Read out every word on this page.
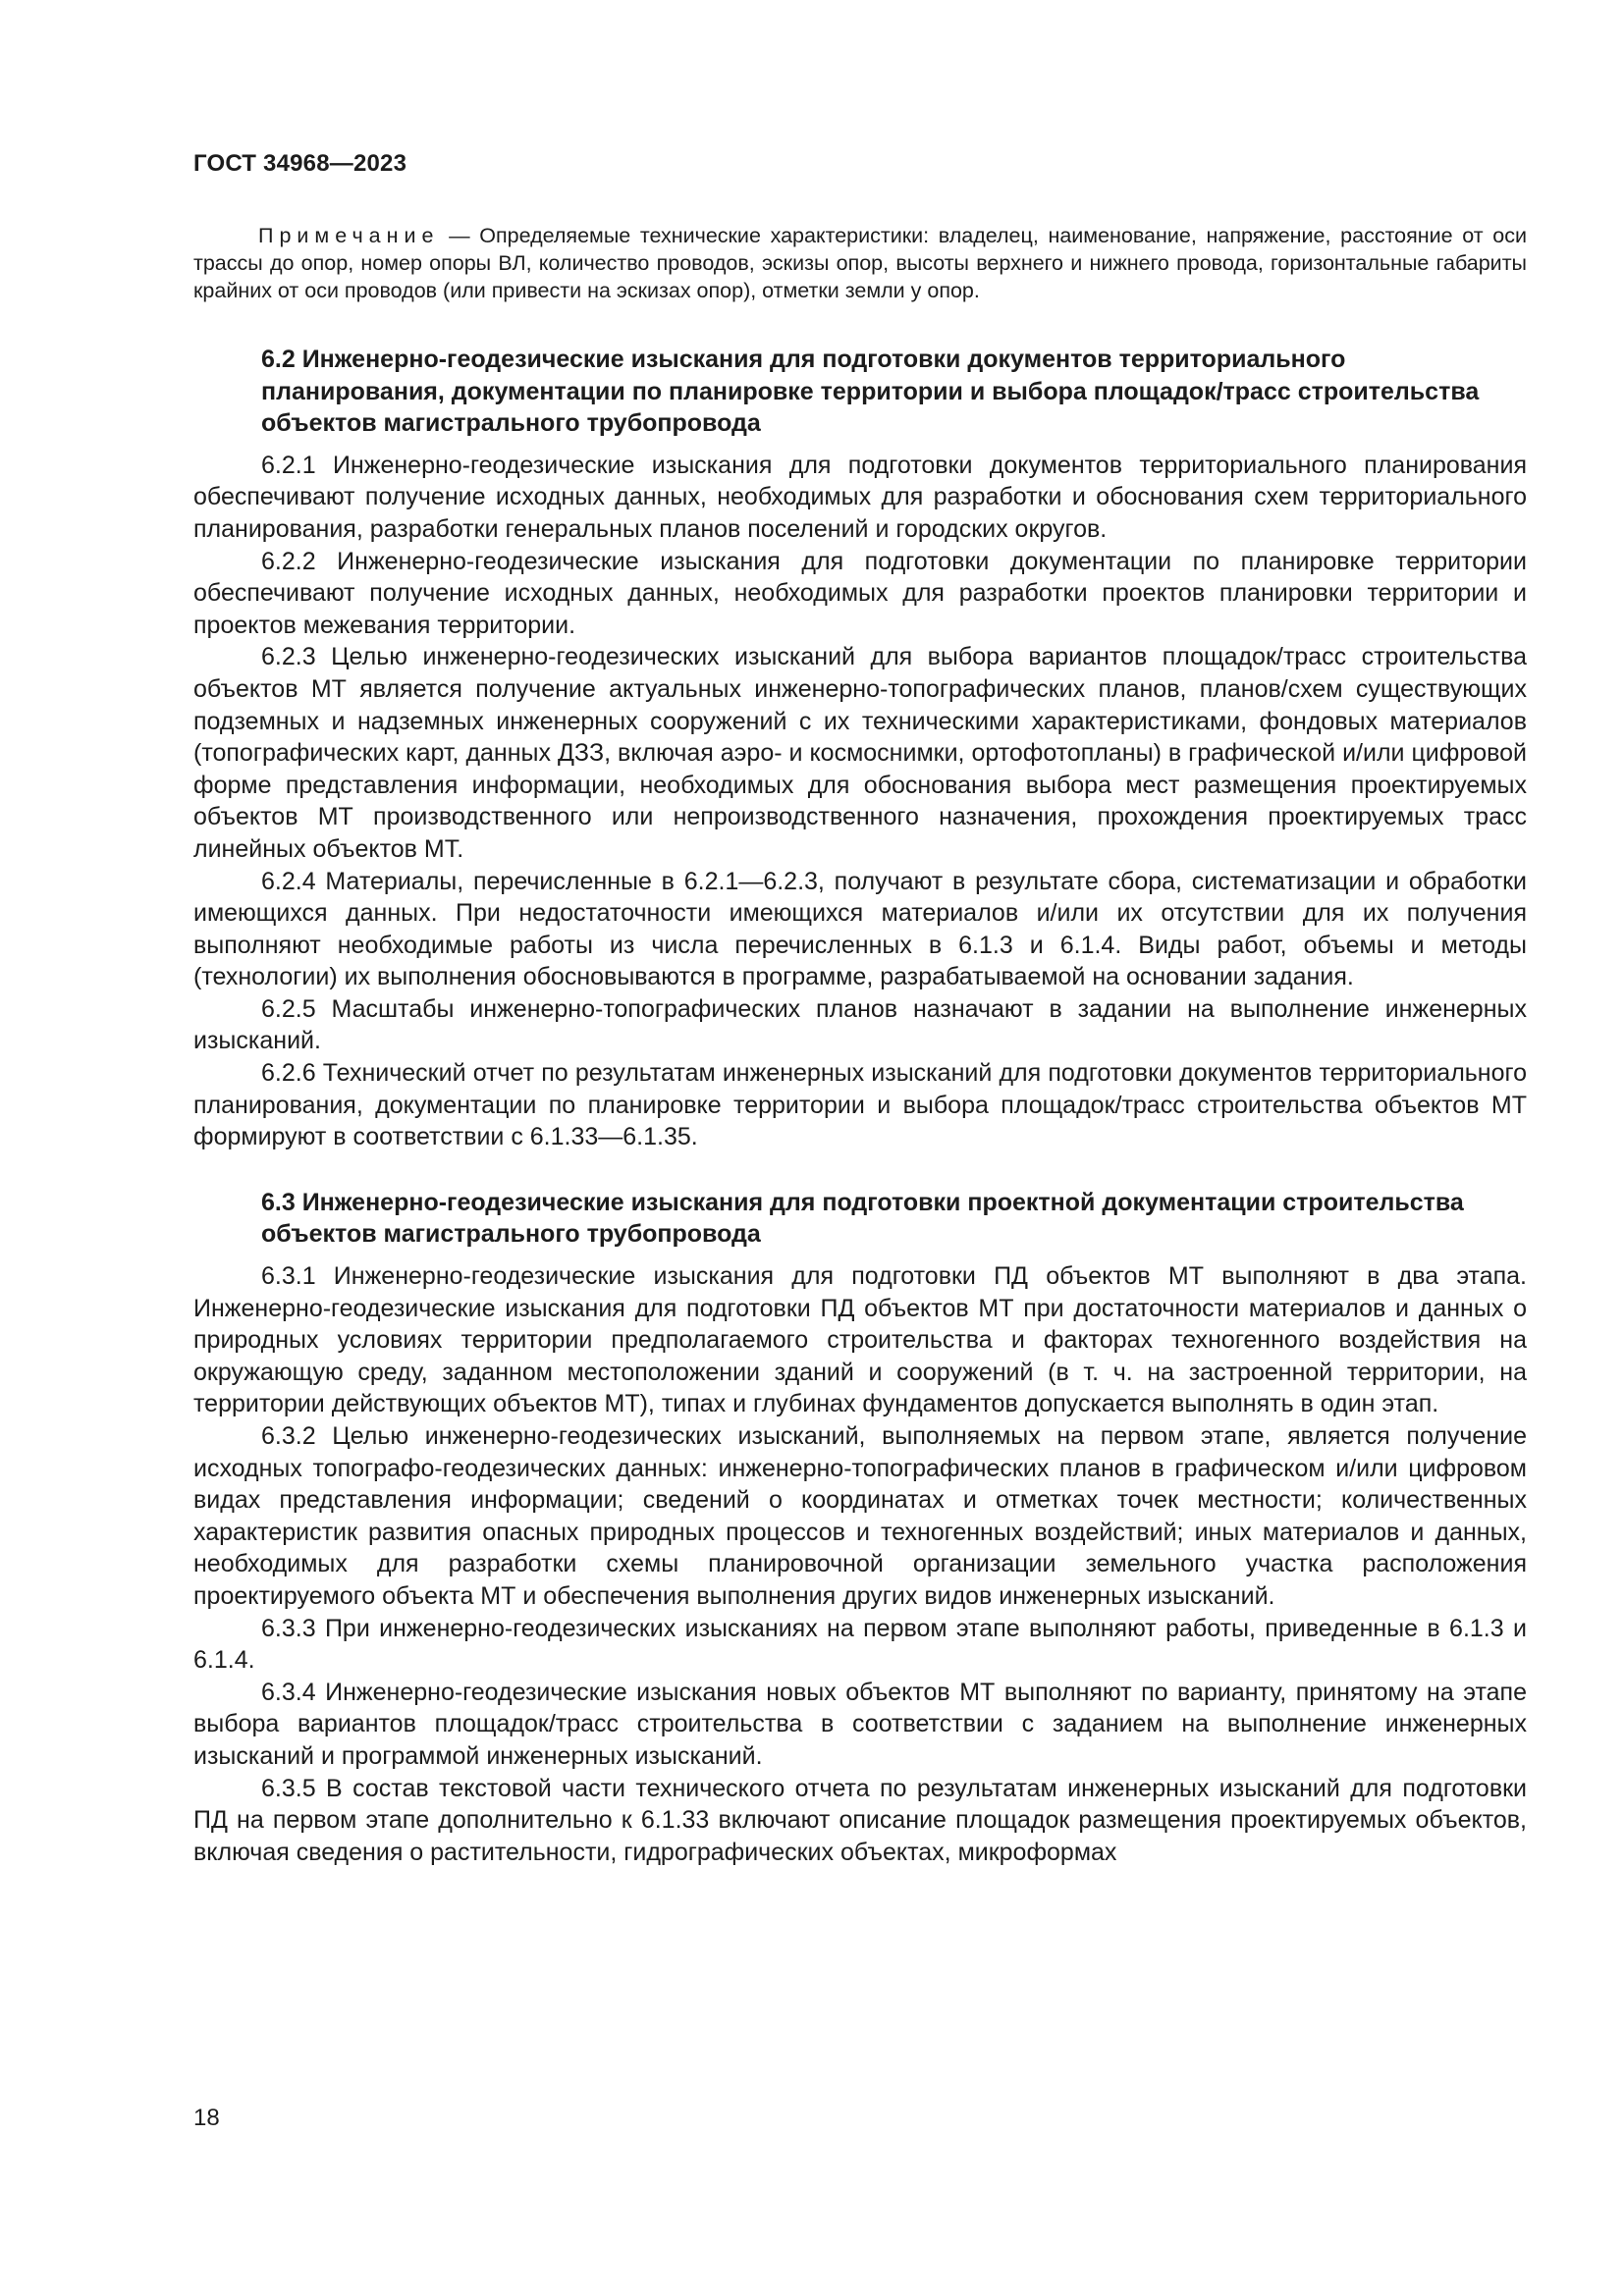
ГОСТ 34968—2023

Примечание — Определяемые технические характеристики: владелец, наименование, напряжение, расстояние от оси трассы до опор, номер опоры ВЛ, количество проводов, эскизы опор, высоты верхнего и нижнего провода, горизонтальные габариты крайних от оси проводов (или привести на эскизах опор), отметки земли у опор.

6.2 Инженерно-геодезические изыскания для подготовки документов территориального планирования, документации по планировке территории и выбора площадок/трасс строительства объектов магистрального трубопровода

6.2.1 Инженерно-геодезические изыскания для подготовки документов территориального планирования обеспечивают получение исходных данных, необходимых для разработки и обоснования схем территориального планирования, разработки генеральных планов поселений и городских округов.

6.2.2 Инженерно-геодезические изыскания для подготовки документации по планировке территории обеспечивают получение исходных данных, необходимых для разработки проектов планировки территории и проектов межевания территории.

6.2.3 Целью инженерно-геодезических изысканий для выбора вариантов площадок/трасс строительства объектов МТ является получение актуальных инженерно-топографических планов, планов/схем существующих подземных и надземных инженерных сооружений с их техническими характеристиками, фондовых материалов (топографических карт, данных ДЗЗ, включая аэро- и космоснимки, ортофотопланы) в графической и/или цифровой форме представления информации, необходимых для обоснования выбора мест размещения проектируемых объектов МТ производственного или непроизводственного назначения, прохождения проектируемых трасс линейных объектов МТ.

6.2.4 Материалы, перечисленные в 6.2.1—6.2.3, получают в результате сбора, систематизации и обработки имеющихся данных. При недостаточности имеющихся материалов и/или их отсутствии для их получения выполняют необходимые работы из числа перечисленных в 6.1.3 и 6.1.4. Виды работ, объемы и методы (технологии) их выполнения обосновываются в программе, разрабатываемой на основании задания.

6.2.5 Масштабы инженерно-топографических планов назначают в задании на выполнение инженерных изысканий.

6.2.6 Технический отчет по результатам инженерных изысканий для подготовки документов территориального планирования, документации по планировке территории и выбора площадок/трасс строительства объектов МТ формируют в соответствии с 6.1.33—6.1.35.

6.3 Инженерно-геодезические изыскания для подготовки проектной документации строительства объектов магистрального трубопровода

6.3.1 Инженерно-геодезические изыскания для подготовки ПД объектов МТ выполняют в два этапа. Инженерно-геодезические изыскания для подготовки ПД объектов МТ при достаточности материалов и данных о природных условиях территории предполагаемого строительства и факторах техногенного воздействия на окружающую среду, заданном местоположении зданий и сооружений (в т. ч. на застроенной территории, на территории действующих объектов МТ), типах и глубинах фундаментов допускается выполнять в один этап.

6.3.2 Целью инженерно-геодезических изысканий, выполняемых на первом этапе, является получение исходных топографо-геодезических данных: инженерно-топографических планов в графическом и/или цифровом видах представления информации; сведений о координатах и отметках точек местности; количественных характеристик развития опасных природных процессов и техногенных воздействий; иных материалов и данных, необходимых для разработки схемы планировочной организации земельного участка расположения проектируемого объекта МТ и обеспечения выполнения других видов инженерных изысканий.

6.3.3 При инженерно-геодезических изысканиях на первом этапе выполняют работы, приведенные в 6.1.3 и 6.1.4.

6.3.4 Инженерно-геодезические изыскания новых объектов МТ выполняют по варианту, принятому на этапе выбора вариантов площадок/трасс строительства в соответствии с заданием на выполнение инженерных изысканий и программой инженерных изысканий.

6.3.5 В состав текстовой части технического отчета по результатам инженерных изысканий для подготовки ПД на первом этапе дополнительно к 6.1.33 включают описание площадок размещения проектируемых объектов, включая сведения о растительности, гидрографических объектах, микроформах

18
